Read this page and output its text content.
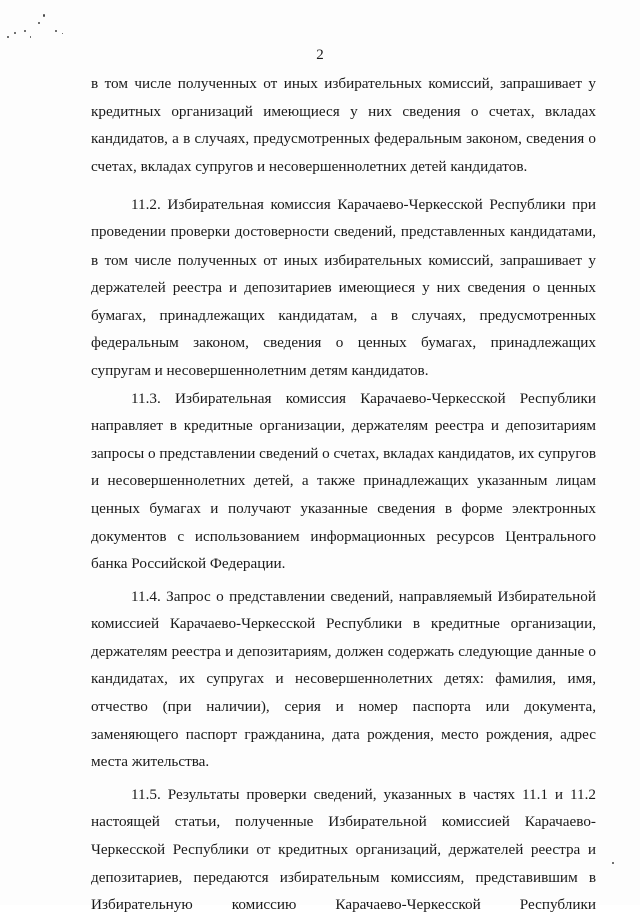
2

в том числе полученных от иных избирательных комиссий, запрашивает у
кредитных организаций имеющиеся у них сведения о счетах, вкладах
кандидатов, а в случаях, предусмотренных федеральным законом, сведения о
счетах, вкладах супругов и несовершеннолетних детей кандидатов.

11.2. Избирательная комиссия Карачаево-Черкесской Республики при
проведении проверки достоверности сведений, представленных кандидатами,
в том числе полученных от иных избирательных комиссий, запрашивает у
держателей реестра и депозитариев имеющиеся у них сведения о ценных
бумагах, принадлежащих кандидатам, а в случаях, предусмотренных
федеральным законом, сведения о ценных бумагах, принадлежащих
супругам и несовершеннолетним детям кандидатов.

11.3. Избирательная комиссия Карачаево-Черкесской Республики
направляет в кредитные организации, держателям реестра и депозитариям
запросы о представлении сведений о счетах, вкладах кандидатов, их супругов
и несовершеннолетних детей, а также принадлежащих указанным лицам
ценных бумагах и получают указанные сведения в форме электронных
документов с использованием информационных ресурсов Центрального
банка Российской Федерации.

11.4. Запрос о представлении сведений, направляемый Избирательной
комиссией Карачаево-Черкесской Республики в кредитные организации,
держателям реестра и депозитариям, должен содержать следующие данные о
кандидатах, их супругах и несовершеннолетних детях: фамилия, имя,
отчество (при наличии), серия и номер паспорта или документа,
заменяющего паспорт гражданина, дата рождения, место рождения, адрес
места жительства.

11.5. Результаты проверки сведений, указанных в частях 11.1 и 11.2
настоящей статьи, полученные Избирательной комиссией Карачаево-
Черкесской Республики от кредитных организаций, держателей реестра и
депозитариев, передаются избирательным комиссиям, представившим в
Избирательную комиссию Карачаево-Черкесской Республики
